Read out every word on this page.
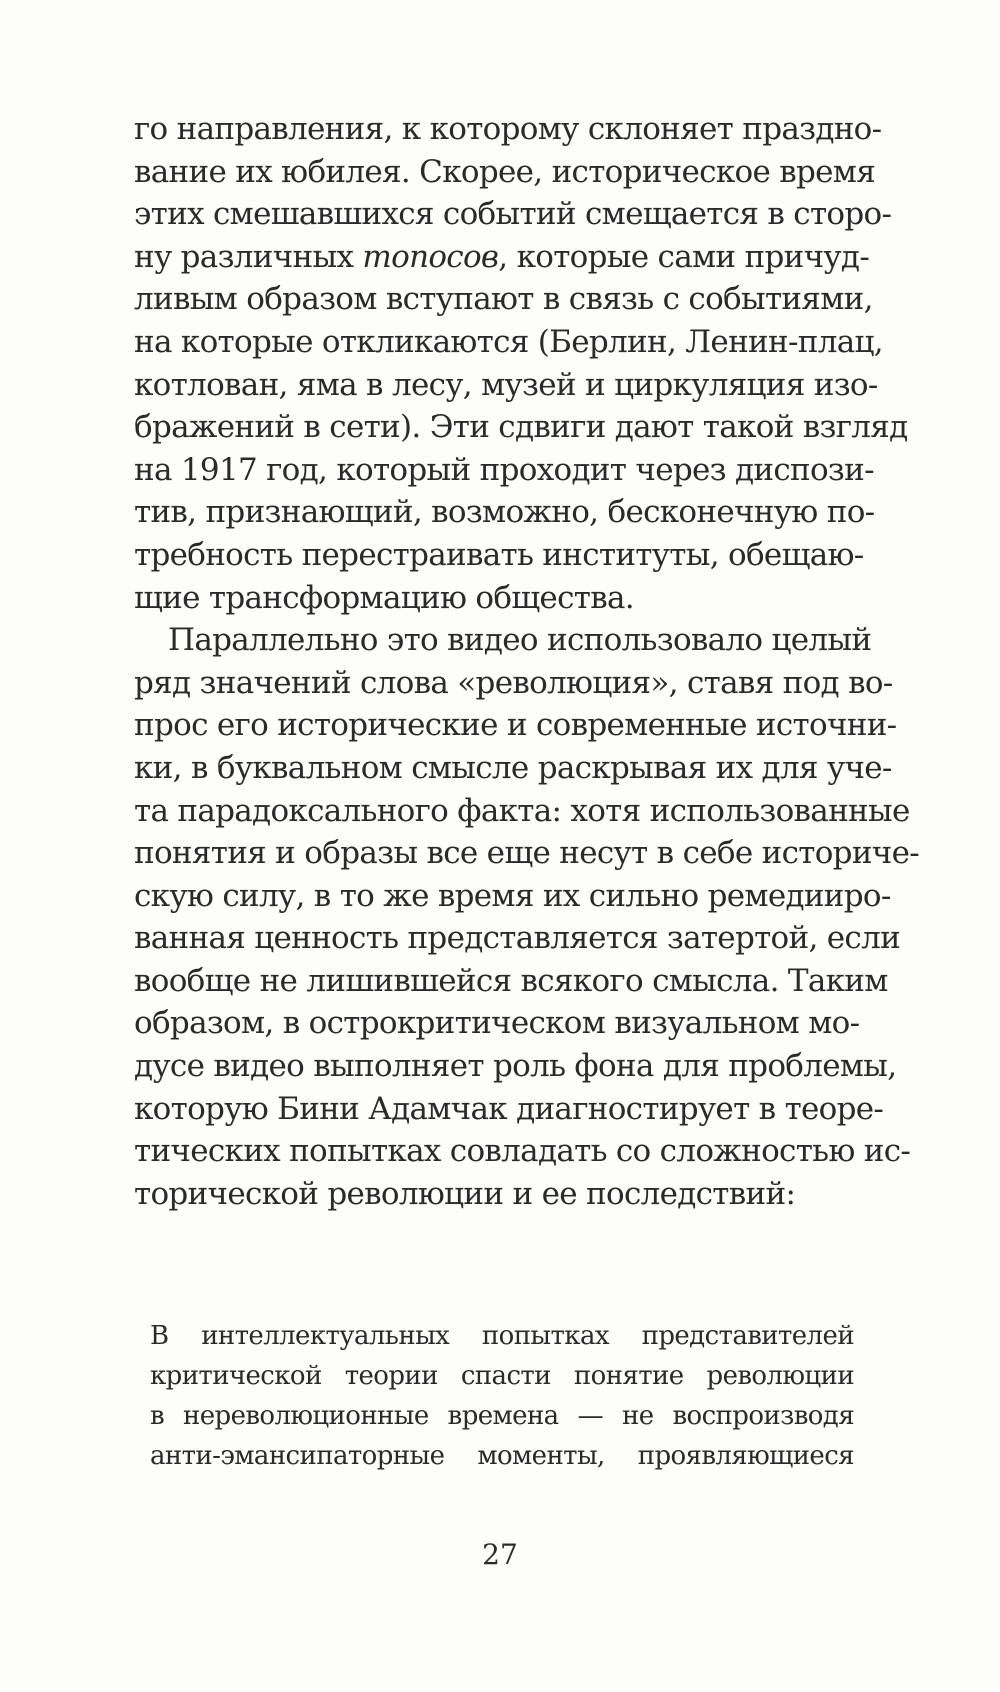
го направления, к которому склоняет праздно-
вание их юбилея. Скорее, историческое время
этих смешавшихся событий смещается в сторо-
ну различных топосов, которые сами причуд-
ливым образом вступают в связь с событиями,
на которые откликаются (Берлин, Ленин-плац,
котлован, яма в лесу, музей и циркуляция изо-
бражений в сети). Эти сдвиги дают такой взгляд
на 1917 год, который проходит через диспози-
тив, признающий, возможно, бесконечную по-
требность перестраивать институты, обещаю-
щие трансформацию общества.
Параллельно это видео использовало целый
ряд значений слова «революция», ставя под во-
прос его исторические и современные источни-
ки, в буквальном смысле раскрывая их для уче-
та парадоксального факта: хотя использованные
понятия и образы все еще несут в себе историче-
скую силу, в то же время их сильно ремедииро-
ванная ценность представляется затертой, если
вообще не лишившейся всякого смысла. Таким
образом, в острокритическом визуальном мо-
дусе видео выполняет роль фона для проблемы,
которую Бини Адамчак диагностирует в теоре-
тических попытках совладать со сложностью ис-
торической революции и ее последствий:
В интеллектуальных попытках представителей
критической теории спасти понятие революции
в нереволюционные времена — не воспроизводя
анти-эмансипаторные моменты, проявляющиеся
27
